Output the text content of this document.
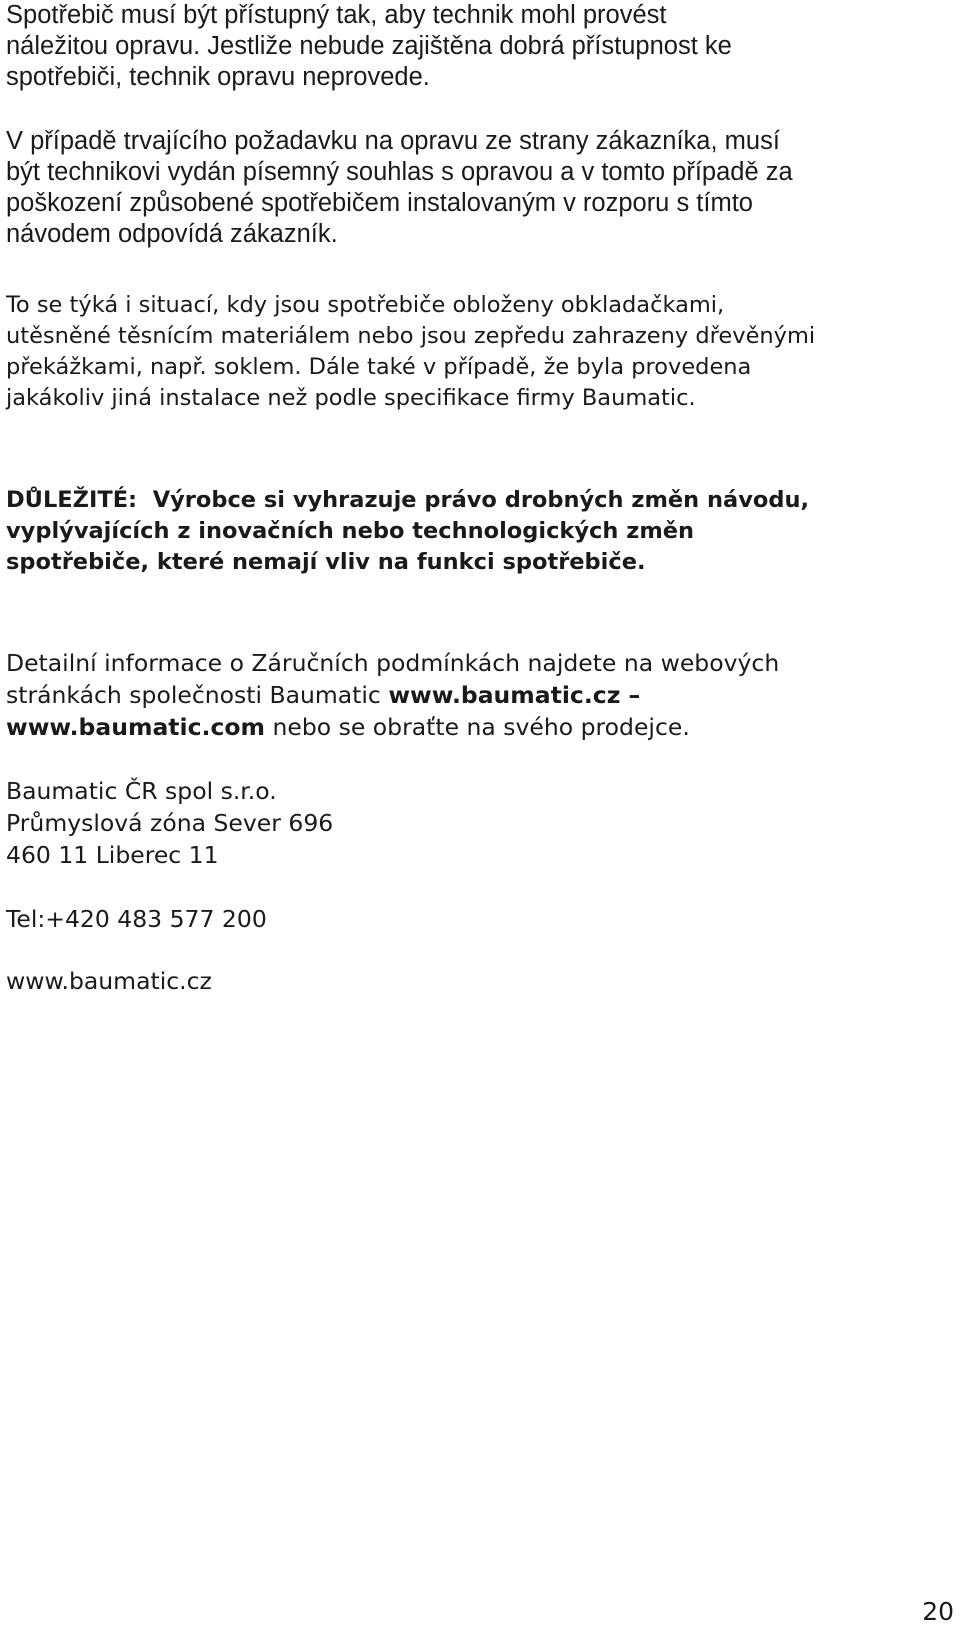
Spotřebič musí být přístupný tak, aby technik mohl provést
náležitou opravu. Jestliže nebude zajištěna dobrá přístupnost ke
spotřebiči, technik opravu neprovede.

V případě trvajícího požadavku na opravu ze strany zákazníka, musí
být technikovi vydán písemný souhlas s opravou a v tomto případě za
poškození způsobené spotřebičem instalovaným v rozporu s tímto
návodem odpovídá zákazník.

To se týká i situací, kdy jsou spotřebiče obloženy obkladačkami,
utěsněné těsnícím materiálem nebo jsou zepředu zahrazeny dřevěnými
překážkami, např. soklem. Dále také v případě, že byla provedena
jakákoliv jiná instalace než podle specifikace firmy Baumatic.

DŮLEŽITÉ:  Výrobce si vyhrazuje právo drobných změn návodu,
vyplývajících z inovačních nebo technologických změn
spotřebiče, které nemají vliv na funkci spotřebiče.

Detailní informace o Záručních podmínkách najdete na webových
stránkách společnosti Baumatic www.baumatic.cz –
www.baumatic.com nebo se obraťte na svého prodejce.

Baumatic ČR spol s.r.o.
Průmyslová zóna Sever 696
460 11 Liberec 11

Tel:+420 483 577 200

www.baumatic.cz

20
